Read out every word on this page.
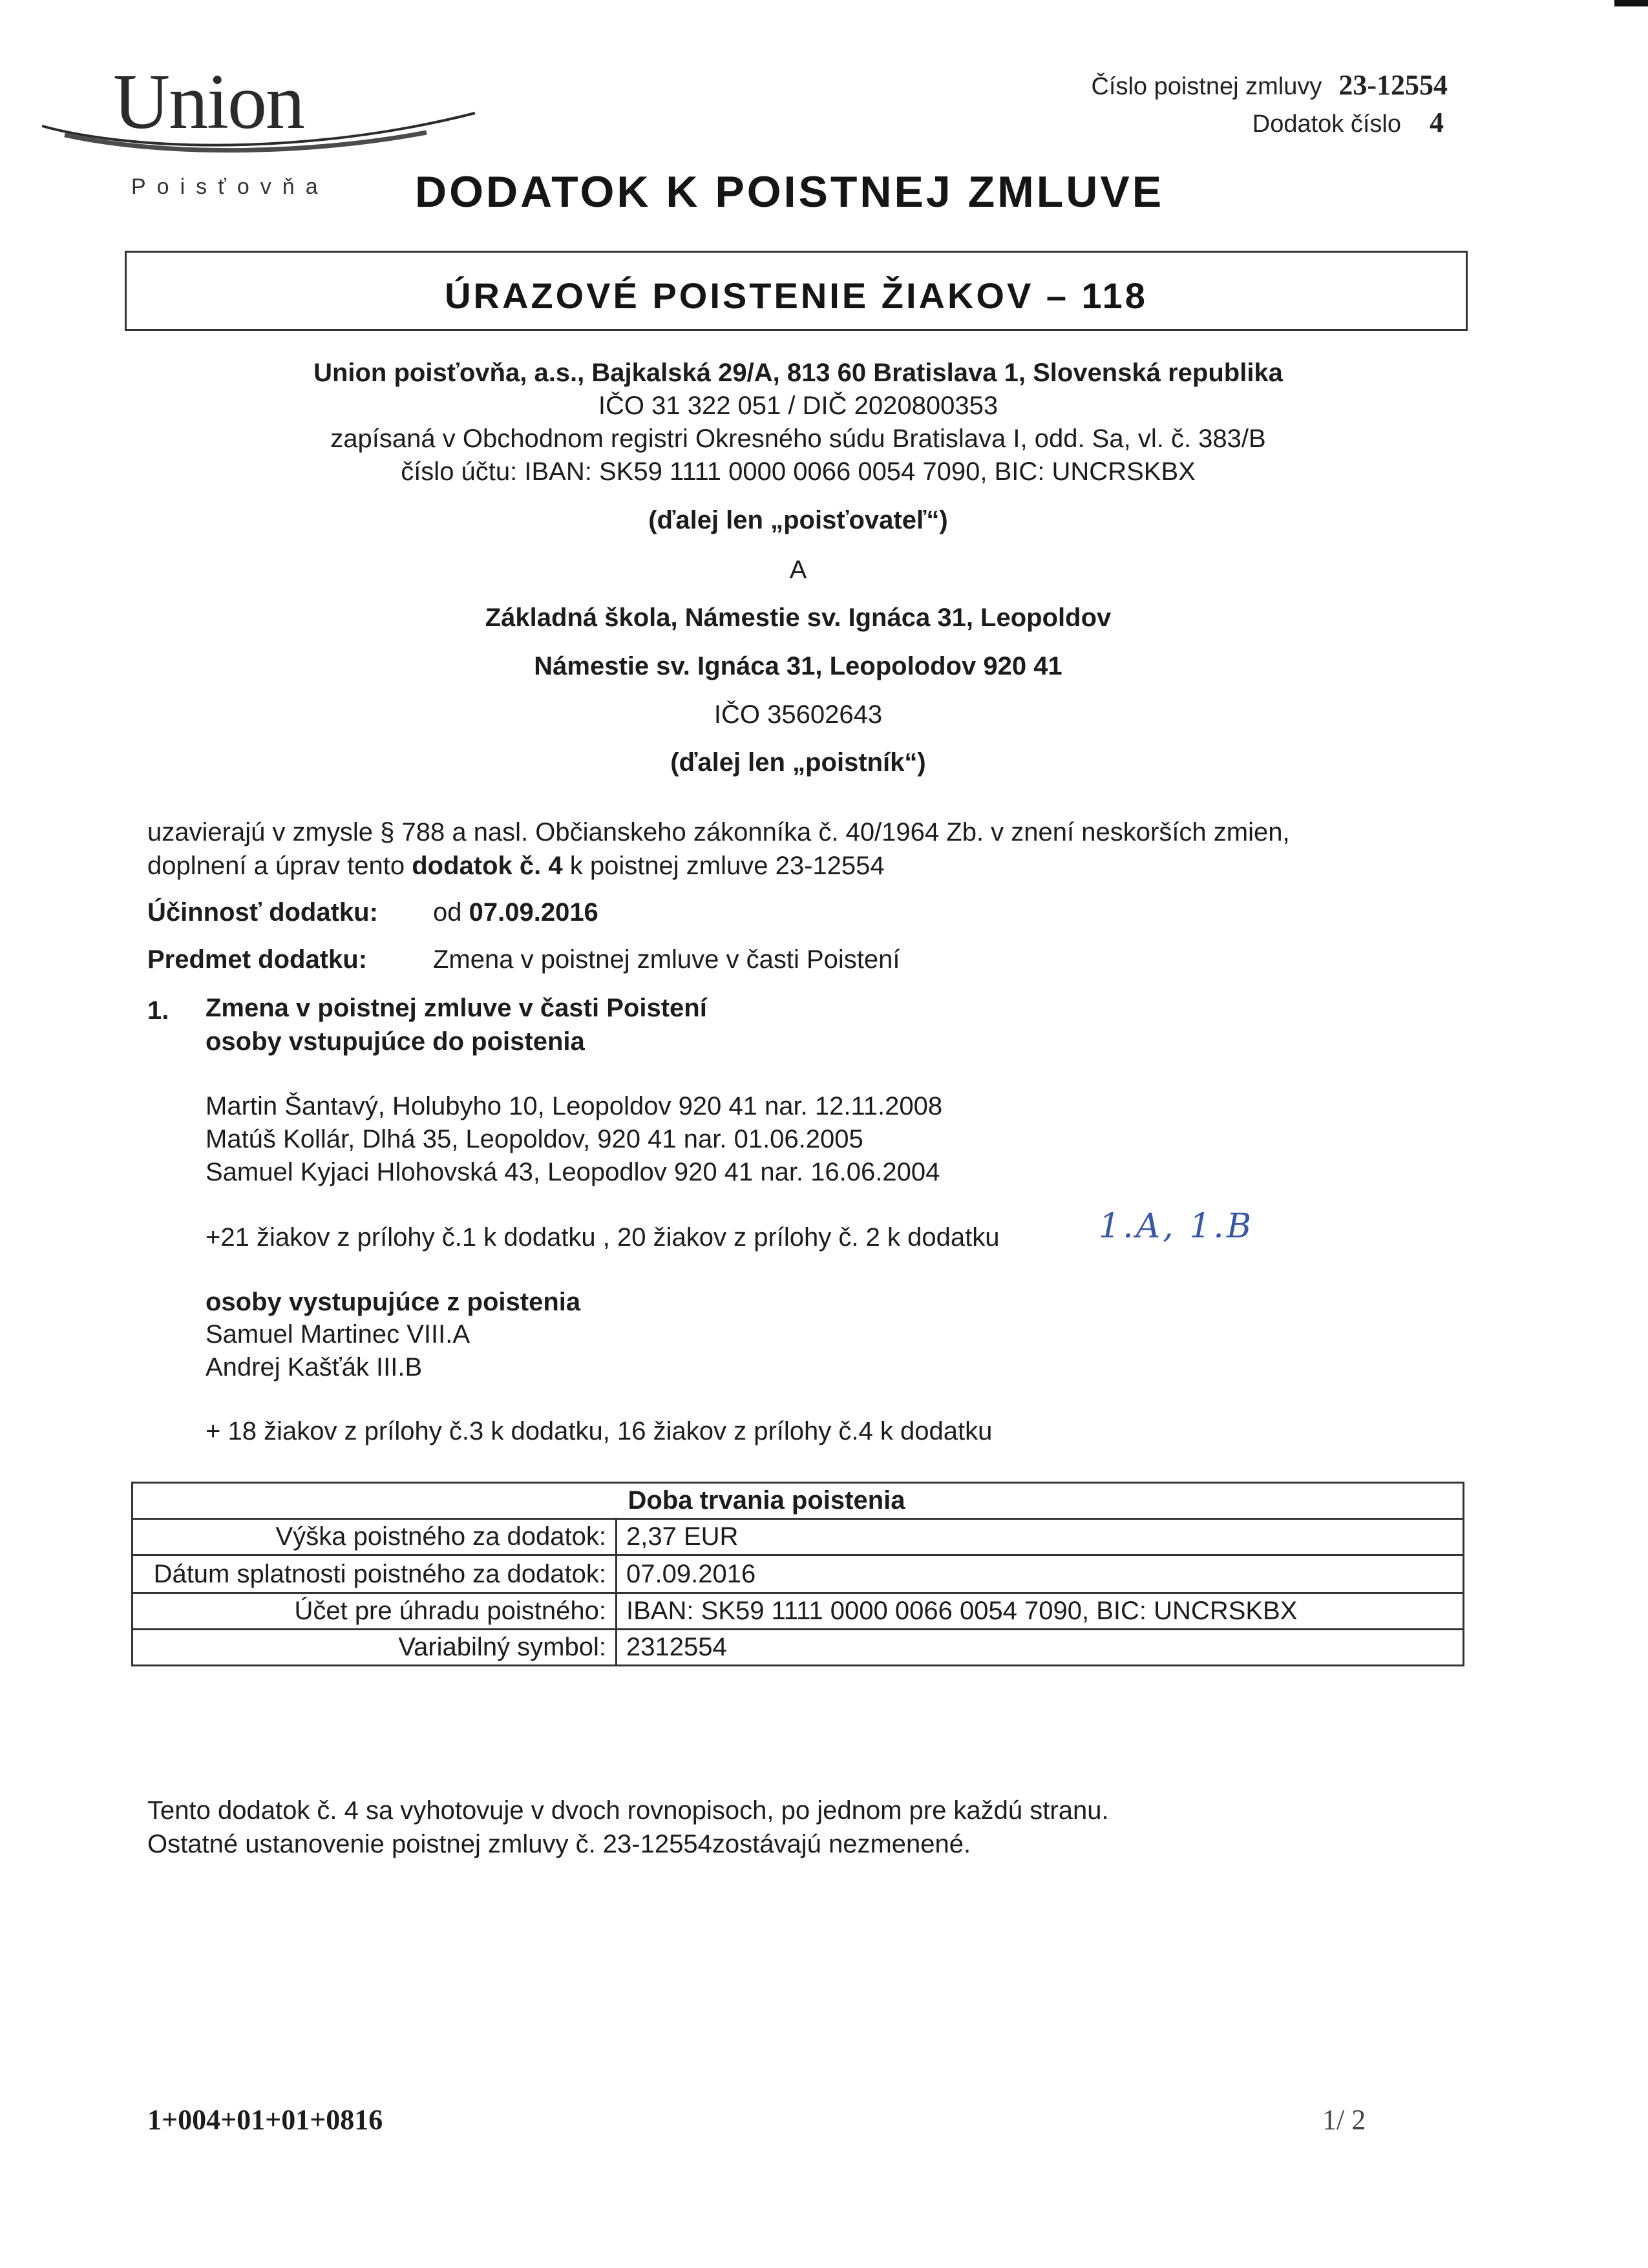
Union
Poisťovňa
Číslo poistnej zmluvy 23-12554
Dodatok číslo 4
DODATOK K POISTNEJ ZMLUVE
ÚRAZOVÉ POISTENIE ŽIAKOV – 118
Union poisťovňa, a.s., Bajkalská 29/A, 813 60 Bratislava 1, Slovenská republika
IČO 31 322 051 / DIČ 2020800353
zapísaná v Obchodnom registri Okresného súdu Bratislava I, odd. Sa, vl. č. 383/B
číslo účtu: IBAN: SK59 1111 0000 0066 0054 7090, BIC: UNCRSKBX
(ďalej len „poisťovateľ“)
A
Základná škola, Námestie sv. Ignáca 31, Leopoldov
Námestie sv. Ignáca 31, Leopolodov 920 41
IČO 35602643
(ďalej len „poistník“)
uzavierajú v zmysle § 788 a nasl. Občianskeho zákonníka č. 40/1964 Zb. v znení neskorších zmien,
doplnení a úprav tento dodatok č. 4 k poistnej zmluve 23-12554
Účinnosť dodatku: od 07.09.2016
Predmet dodatku:	Zmena v poistnej zmluve v časti Poistení
1. Zmena v poistnej zmluve v časti Poistení
osoby vstupujúce do poistenia
Martin Šantavý, Holubyho 10, Leopoldov 920 41 nar. 12.11.2008
Matúš Kollár, Dlhá 35, Leopoldov, 920 41 nar. 01.06.2005
Samuel Kyjaci Hlohovská 43, Leopodlov 920 41 nar. 16.06.2004
+21 žiakov z prílohy č.1 k dodatku , 20 žiakov z prílohy č. 2 k dodatku	1.A, 1.B
osoby vystupujúce z poistenia
Samuel Martinec VIII.A
Andrej Kašťák III.B
+ 18 žiakov z prílohy č.3 k dodatku, 16 žiakov z prílohy č.4 k dodatku
	Doba trvania poistenia
Výška poistného za dodatok:	2,37 EUR
Dátum splatnosti poistného za dodatok:	07.09.2016
Účet pre úhradu poistného:	IBAN: SK59 1111 0000 0066 0054 7090, BIC: UNCRSKBX
Variabilný symbol:	2312554
Tento dodatok č. 4 sa vyhotovuje v dvoch rovnopisoch, po jednom pre každú stranu.
Ostatné ustanovenie poistnej zmluvy č. 23-12554zostávajú nezmenené.
1+004+01+01+0816	1/ 2
